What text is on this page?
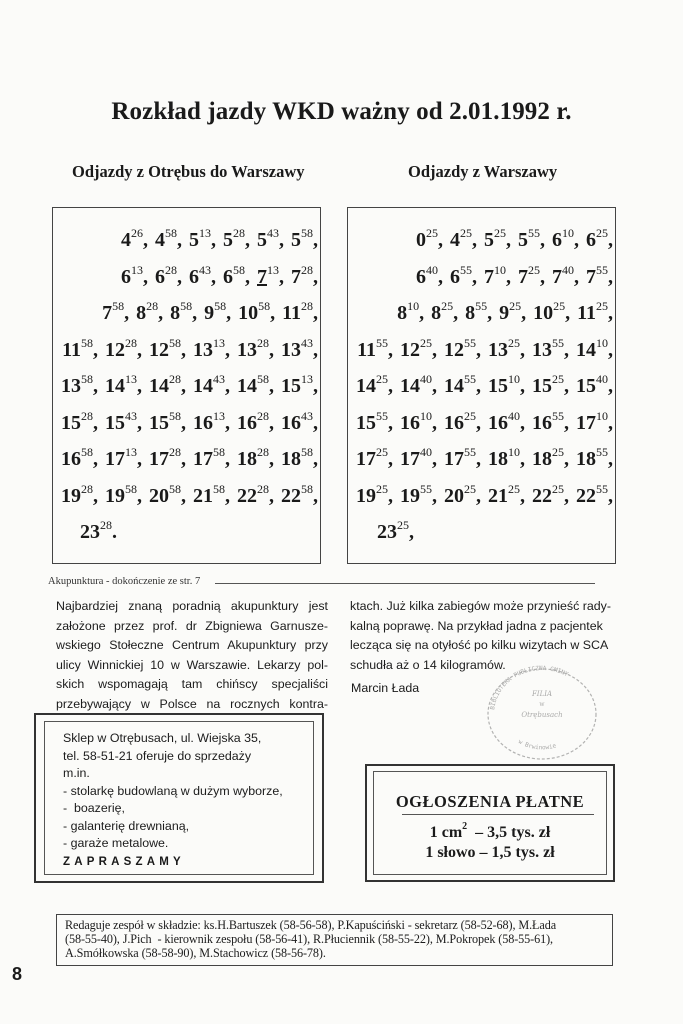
Rozkład jazdy WKD ważny od 2.01.1992 r.
Odjazdy z Otrębus do Warszawy	Odjazdy z Warszawy
$4^{26}$, $4^{58}$, $5^{13}$, $5^{28}$, $5^{43}$, $5^{58}$,
$6^{13}$, $6^{28}$, $6^{43}$, $6^{58}$, $7^{13}$, $7^{28}$,
$7^{58}$, $8^{28}$, $8^{58}$, $9^{58}$, $10^{58}$, $11^{28}$,
$11^{58}$, $12^{28}$, $12^{58}$, $13^{13}$, $13^{28}$, $13^{43}$,
$13^{58}$, $14^{13}$, $14^{28}$, $14^{43}$, $14^{58}$, $15^{13}$,
$15^{28}$, $15^{43}$, $15^{58}$, $16^{13}$, $16^{28}$, $16^{43}$,
$16^{58}$, $17^{13}$, $17^{28}$, $17^{58}$, $18^{28}$, $18^{58}$,
$19^{28}$, $19^{58}$, $20^{58}$, $21^{58}$, $22^{28}$, $22^{58}$,
$23^{28}$.
$0^{25}$, $4^{25}$, $5^{25}$, $5^{55}$, $6^{10}$, $6^{25}$,
$6^{40}$, $6^{55}$, $7^{10}$, $7^{25}$, $7^{40}$, $7^{55}$,
$8^{10}$, $8^{25}$, $8^{55}$, $9^{25}$, $10^{25}$, $11^{25}$,
$11^{55}$, $12^{25}$, $12^{55}$, $13^{25}$, $13^{55}$, $14^{10}$,
$14^{25}$, $14^{40}$, $14^{55}$, $15^{10}$, $15^{25}$, $15^{40}$,
$15^{55}$, $16^{10}$, $16^{25}$, $16^{40}$, $16^{55}$, $17^{10}$,
$17^{25}$, $17^{40}$, $17^{55}$, $18^{10}$, $18^{25}$, $18^{55}$,
$19^{25}$, $19^{55}$, $20^{25}$, $21^{25}$, $22^{25}$, $22^{55}$,
$23^{25}$,
Akupunktura - dokończenie ze str. 7
Najbardziej znaną poradnią akupunktury jest
założone przez prof. dr Zbigniewa Garnusze-
wskiego Stołeczne Centrum Akupunktury przy
ulicy Winnickiej 10 w Warszawie. Lekarzy pol-
skich wspomagają tam chińscy specjaliści
przebywający w Polsce na rocznych kontra-
ktach. Już kilka zabiegów może przynieść rady-
kalną poprawę. Na przykład jadna z pacjentek
lecząca się na otyłość po kilku wizytach w SCA
schudła aż o 14 kilogramów.
Marcin Łada
BIBLIOTEKA PUBLICZNA GMINY
w Brwinowie
FILIA
w
Otrębusach
Sklep w Otrębusach, ul. Wiejska 35,
tel. 58-51-21 oferuje do sprzedaży
m.in.
- stolarkę budowlaną w dużym wyborze,
-  boazerię,
- galanterię drewnianą,
- garaże metalowe.
ZAPRASZAMY
OGŁOSZENIA PŁATNE
1 $cm^2 - 3,5$ tys. zł
1 słowo – 1,5 tys. zł
Redaguje zespół w składzie: ks.H.Bartuszek (58-56-58), P.Kapuściński - sekretarz (58-52-68), M.Łada
(58-55-40), J.Pich  - kierownik zespołu (58-56-41), R.Płuciennik (58-55-22), M.Pokropek (58-55-61),
A.Smółkowska (58-58-90), M.Stachowicz (58-56-78).
8
